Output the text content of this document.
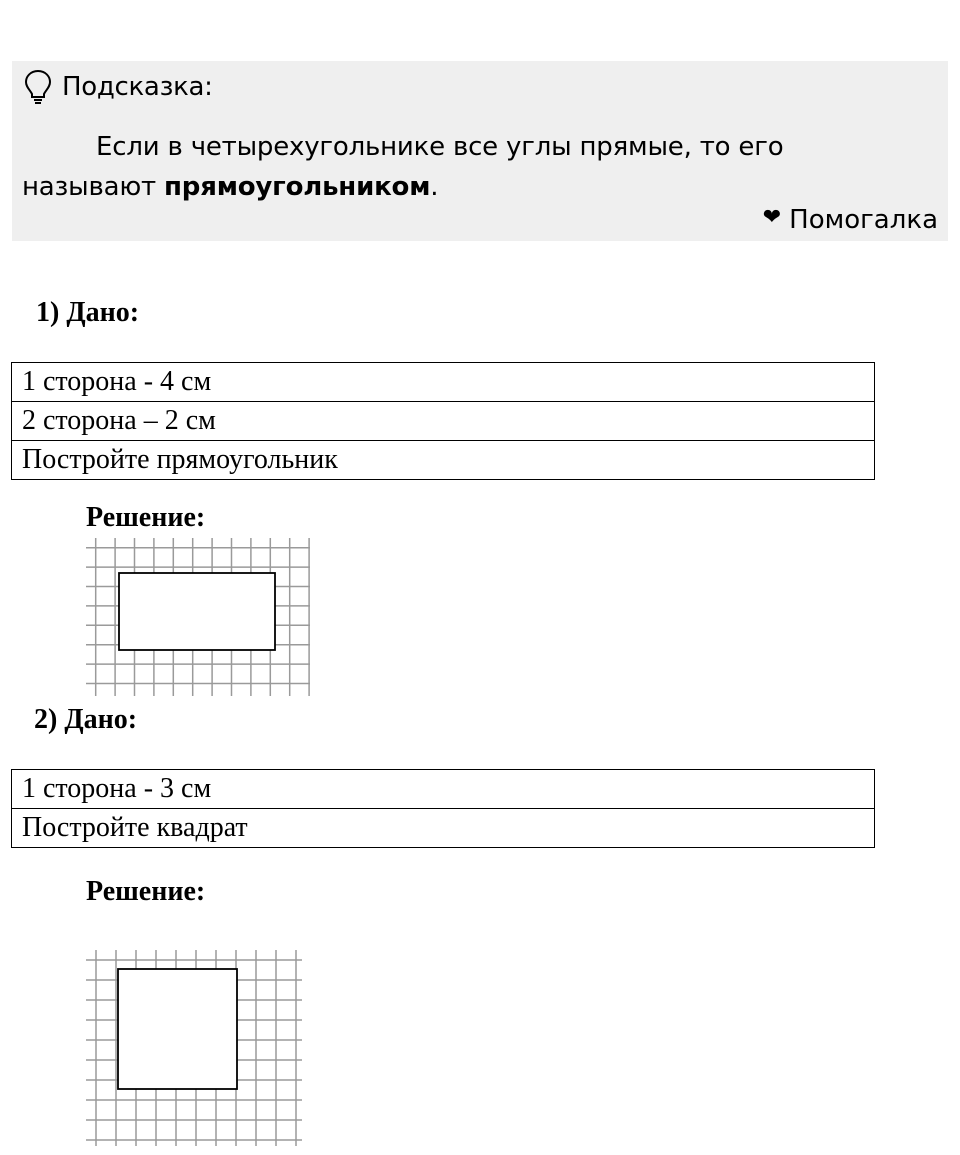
Подсказка:
Если в четырехугольнике все углы прямые, то его называют прямоугольником.
❤ Помогалка
1) Дано:
1 сторона - 4 см
2 сторона – 2 см
Постройте прямоугольник
Решение:
2) Дано:
1 сторона - 3 см
Постройте квадрат
Решение:
